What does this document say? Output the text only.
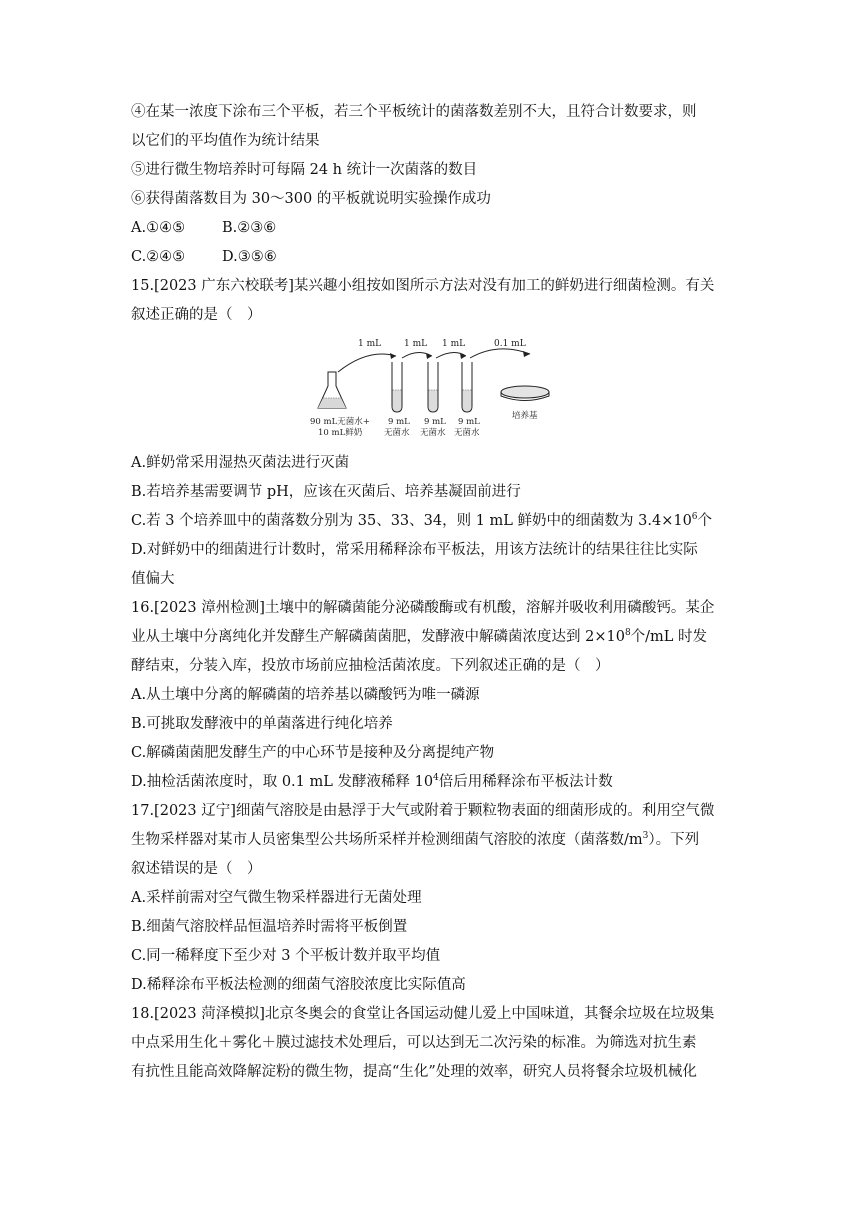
④在某一浓度下涂布三个平板，若三个平板统计的菌落数差别不大，且符合计数要求，则
以它们的平均值作为统计结果
⑤进行微生物培养时可每隔 24 h 统计一次菌落的数目
⑥获得菌落数目为 30～300 的平板就说明实验操作成功
A.①④⑤	B.②③⑥
C.②④⑤	D.③⑤⑥
15.[2023 广东六校联考]某兴趣小组按如图所示方法对没有加工的鲜奶进行细菌检测。有关
叙述正确的是（　）
1 mL	1 mL 1 mL	0.1 mL
90 mL无菌水+
10 mL鲜奶
9 mL
无菌水
9 mL
无菌水
9 mL
无菌水
培养基
A.鲜奶常采用湿热灭菌法进行灭菌
B.若培养基需要调节 pH，应该在灭菌后、培养基凝固前进行
C.若 3 个培养皿中的菌落数分别为 35、33、34，则 1 mL 鲜奶中的细菌数为 $3.4\times 10^6$个
D.对鲜奶中的细菌进行计数时，常采用稀释涂布平板法，用该方法统计的结果往往比实际
值偏大
16.[2023 漳州检测]土壤中的解磷菌能分泌磷酸酶或有机酸，溶解并吸收利用磷酸钙。某企
业从土壤中分离纯化并发酵生产解磷菌菌肥，发酵液中解磷菌浓度达到 $2\times 10^8$个/mL 时发
酵结束，分装入库，投放市场前应抽检活菌浓度。下列叙述正确的是（　）
A.从土壤中分离的解磷菌的培养基以磷酸钙为唯一磷源
B.可挑取发酵液中的单菌落进行纯化培养
C.解磷菌菌肥发酵生产的中心环节是接种及分离提纯产物
D.抽检活菌浓度时，取 0.1 mL 发酵液稀释 $10^4$倍后用稀释涂布平板法计数
17.[2023 辽宁]细菌气溶胶是由悬浮于大气或附着于颗粒物表面的细菌形成的。利用空气微
生物采样器对某市人员密集型公共场所采样并检测细菌气溶胶的浓度（菌落数$/m^3$）。下列
叙述错误的是（　）
A.采样前需对空气微生物采样器进行无菌处理
B.细菌气溶胶样品恒温培养时需将平板倒置
C.同一稀释度下至少对 3 个平板计数并取平均值
D.稀释涂布平板法检测的细菌气溶胶浓度比实际值高
18.[2023 菏泽模拟]北京冬奥会的食堂让各国运动健儿爱上中国味道，其餐余垃圾在垃圾集
中点采用生化＋雾化＋膜过滤技术处理后，可以达到无二次污染的标准。为筛选对抗生素
有抗性且能高效降解淀粉的微生物，提高“生化”处理的效率，研究人员将餐余垃圾机械化
